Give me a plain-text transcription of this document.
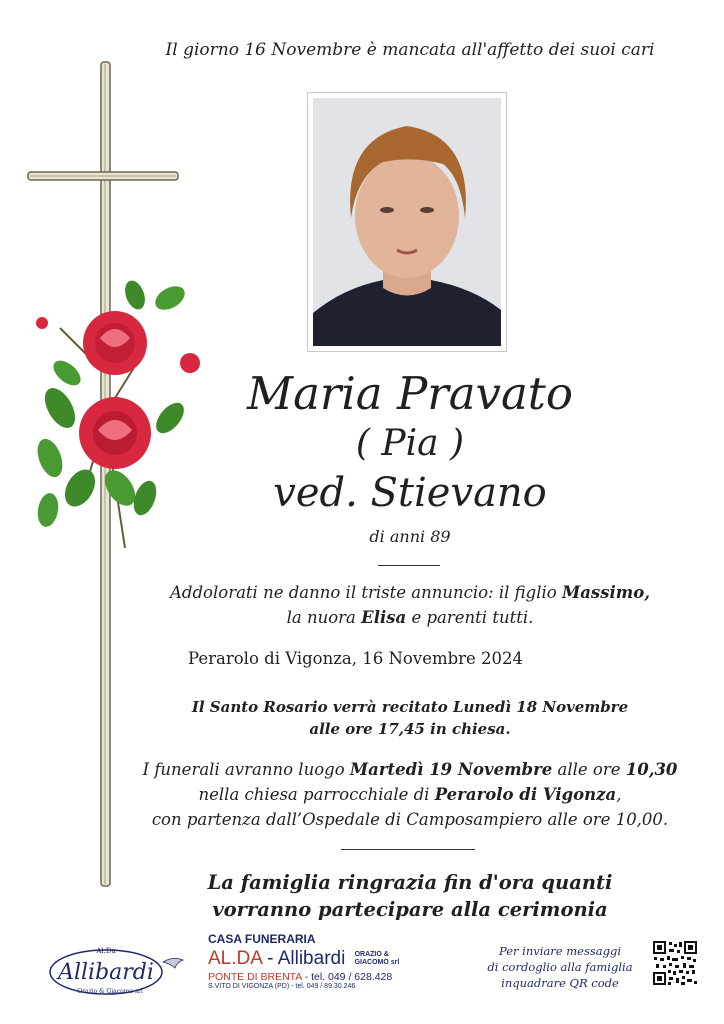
Il giorno 16 Novembre è mancata all'affetto dei suoi cari
Maria Pravato
( Pia )
ved. Stievano
di anni 89
Addolorati ne danno il triste annuncio: il figlio Massimo,
la nuora Elisa e parenti tutti.
Perarolo di Vigonza, 16 Novembre 2024
Il Santo Rosario verrà recitato Lunedì 18 Novembre
alle ore 17,45 in chiesa.
I funerali avranno luogo Martedì 19 Novembre alle ore 10,30
nella chiesa parrocchiale di Perarolo di Vigonza,
con partenza dall’Ospedale di Camposampiero alle ore 10,00.
La famiglia ringrazia fin d'ora quanti
vorranno partecipare alla cerimonia
Al.Da
Allibardi
Orazio & Giacomo srl
CASA FUNERARIA
AL.DA - Allibardi ORAZIO &
GIACOMO srl
PONTE DI BRENTA - tel. 049 / 628.428
S.VITO DI VIGONZA (PD) - tel. 049 / 89.30.246
Per inviare messaggi
di cordoglio alla famiglia
inquadrare QR code
